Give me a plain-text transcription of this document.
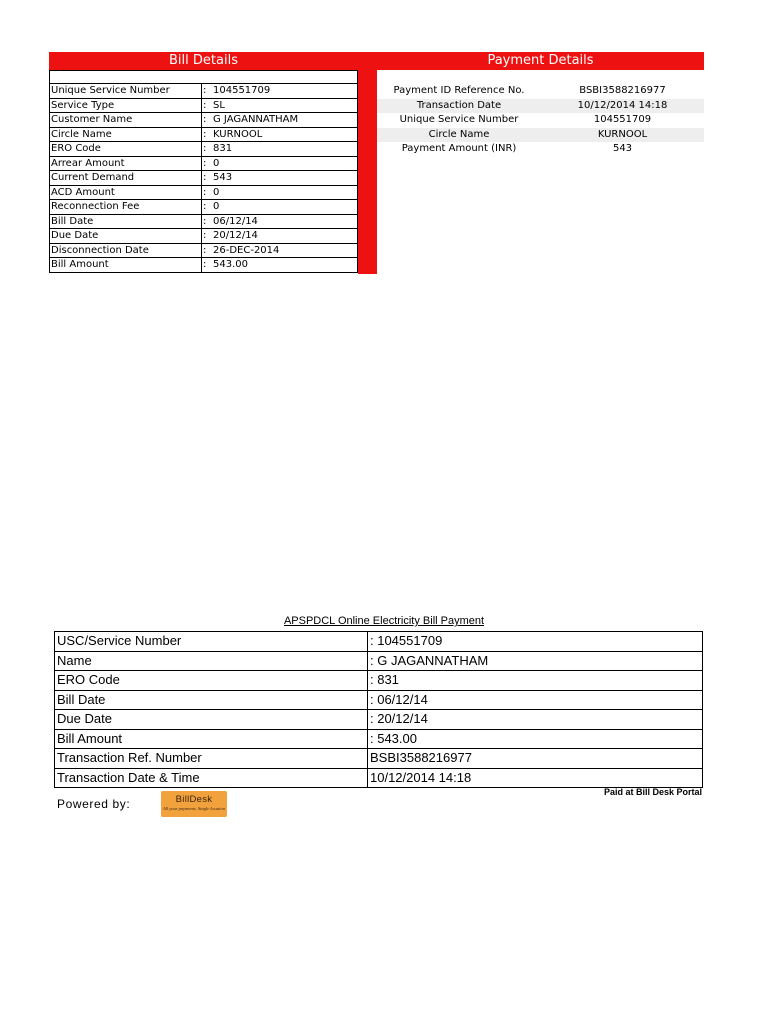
Bill Details	Payment Details

Unique Service Number	: 104551709
Service Type	: SL
Customer Name	: G JAGANNATHAM
Circle Name	: KURNOOL
ERO Code	: 831
Arrear Amount	: 0
Current Demand	: 543
ACD Amount	: 0
Reconnection Fee	: 0
Bill Date	: 06/12/14
Due Date	: 20/12/14
Disconnection Date	: 26-DEC-2014
Bill Amount	: 543.00
Payment ID Reference No.	BSBI3588216977
Transaction Date	10/12/2014 14:18
Unique Service Number	104551709
Circle Name	KURNOOL
Payment Amount (INR)	543
APSPDCL Online Electricity Bill Payment
USC/Service Number	: 104551709
Name	: G JAGANNATHAM
ERO Code	: 831
Bill Date	: 06/12/14
Due Date	: 20/12/14
Bill Amount	: 543.00
Transaction Ref. Number	BSBI3588216977
Transaction Date & Time	10/12/2014 14:18
Paid at Bill Desk Portal
Powered by:	BillDesk
All your payments. Single location
